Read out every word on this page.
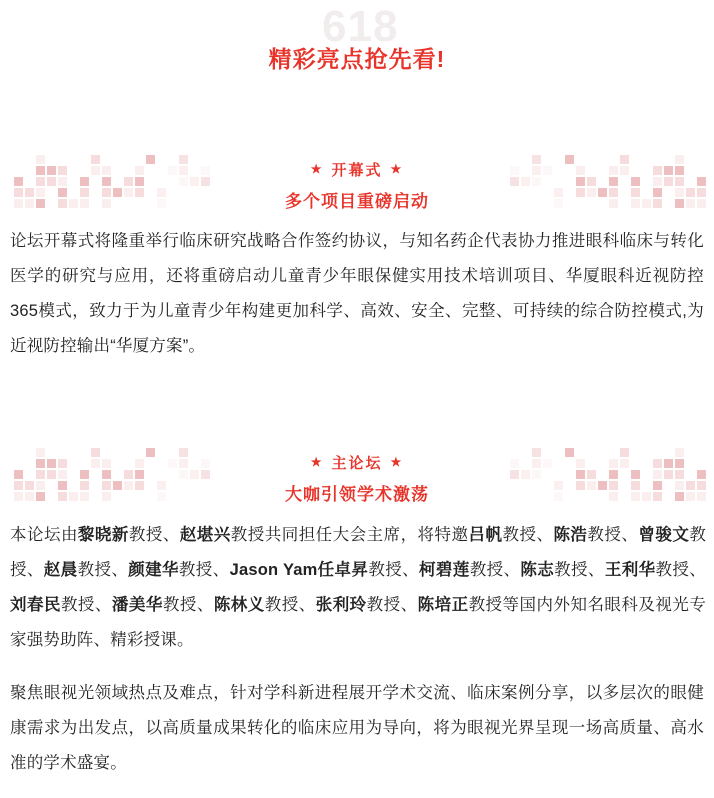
618
精彩亮点抢先看!
★ 开幕式 ★
多个项目重磅启动
论坛开幕式将隆重举行临床研究战略合作签约协议，与知名药企代表协力推进眼科临床与转化医学的研究与应用，还将重磅启动儿童青少年眼保健实用技术培训项目、华厦眼科近视防控365模式，致力于为儿童青少年构建更加科学、高效、安全、完整、可持续的综合防控模式,为近视防控输出“华厦方案”。
★ 主论坛 ★
大咖引领学术激荡
本论坛由黎晓新教授、赵堪兴教授共同担任大会主席，将特邀吕帆教授、陈浩教授、曾骏文教授、赵晨教授、颜建华教授、Jason Yam任卓昇教授、柯碧莲教授、陈志教授、王利华教授、刘春民教授、潘美华教授、陈林义教授、张利玲教授、陈培正教授等国内外知名眼科及视光专家强势助阵、精彩授课。
聚焦眼视光领域热点及难点，针对学科新进程展开学术交流、临床案例分享，以多层次的眼健康需求为出发点，以高质量成果转化的临床应用为导向，将为眼视光界呈现一场高质量、高水准的学术盛宴。
